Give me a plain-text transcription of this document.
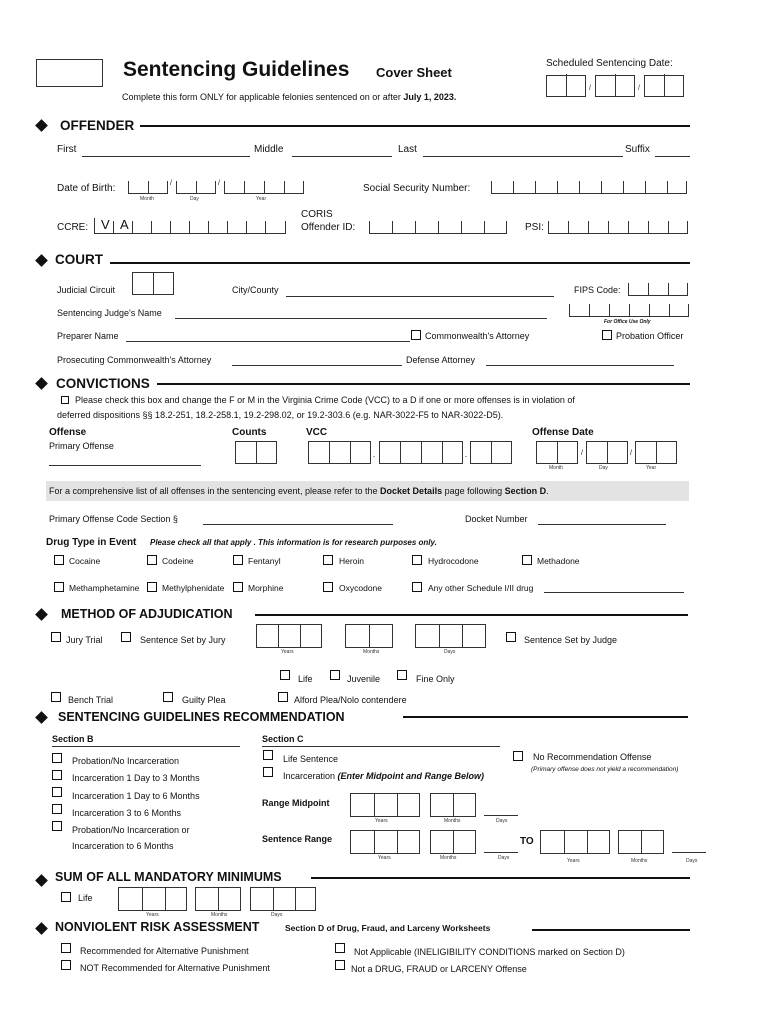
Sentencing Guidelines Cover Sheet
Complete this form ONLY for applicable felonies sentenced on or after July 1, 2023.
Scheduled Sentencing Date:
/	/
OFFENDER
First	Middle	Last	Suffix
Date of Birth:	/	/
Month	Day	Year
Social Security Number:
CCRE: V A
CORIS
Offender ID:	PSI:
COURT
Judicial Circuit	City/County	FIPS Code:
Sentencing Judge's Name
For Office Use Only
Preparer Name	Commonwealth's Attorney	Probation Officer
Prosecuting Commonwealth's Attorney	Defense Attorney
CONVICTIONS
Please check this box and change the F or M in the Virginia Crime Code (VCC) to a D if one or more offenses is in violation of
deferred dispositions §§ 18.2-251, 18.2-258.1, 19.2-298.02, or 19.2-303.6 (e.g. NAR-3022-F5 to NAR-3022-D5).
Offense
Primary Offense
Counts	VCC
-	-
Offense Date
/	/
Month	Day	Year
For a comprehensive list of all offenses in the sentencing event, please refer to the Docket Details page following Section D.
Primary Offense Code Section §	Docket Number
Drug Type in Event Please check all that apply . This information is for research purposes only.
Cocaine	Codeine	Fentanyl	Heroin	Hydrocodone	Methadone
Methamphetamine	Methylphenidate	Morphine	Oxycodone	Any other Schedule I/II drug
METHOD OF ADJUDICATION
Jury Trial	Sentence Set by Jury
Years	Months	Days
Sentence Set by Judge
Life	Juvenile	Fine Only
Bench Trial	Guilty Plea	Alford Plea/Nolo contendere
SENTENCING GUIDELINES RECOMMENDATION
Section B
Probation/No Incarceration
Incarceration 1 Day to 3 Months
Incarceration 1 Day to 6 Months
Incarceration 3 to 6 Months
Probation/No Incarceration or
Incarceration to 6 Months
Section C
Life Sentence
Incarceration (Enter Midpoint and Range Below)
No Recommendation Offense
(Primary offense does not yield a recommendation)
Range Midpoint
Years	Months	Days
Sentence Range
Years	Months	Days
TO
Years	Months	Days
SUM OF ALL MANDATORY MINIMUMS
Life
Years	Months	Days
NONVIOLENT RISK ASSESSMENT	Section D of Drug, Fraud, and Larceny Worksheets
Recommended for Alternative Punishment
NOT Recommended for Alternative Punishment
Not Applicable (INELIGIBILITY CONDITIONS marked on Section D)
Not a DRUG, FRAUD or LARCENY Offense
